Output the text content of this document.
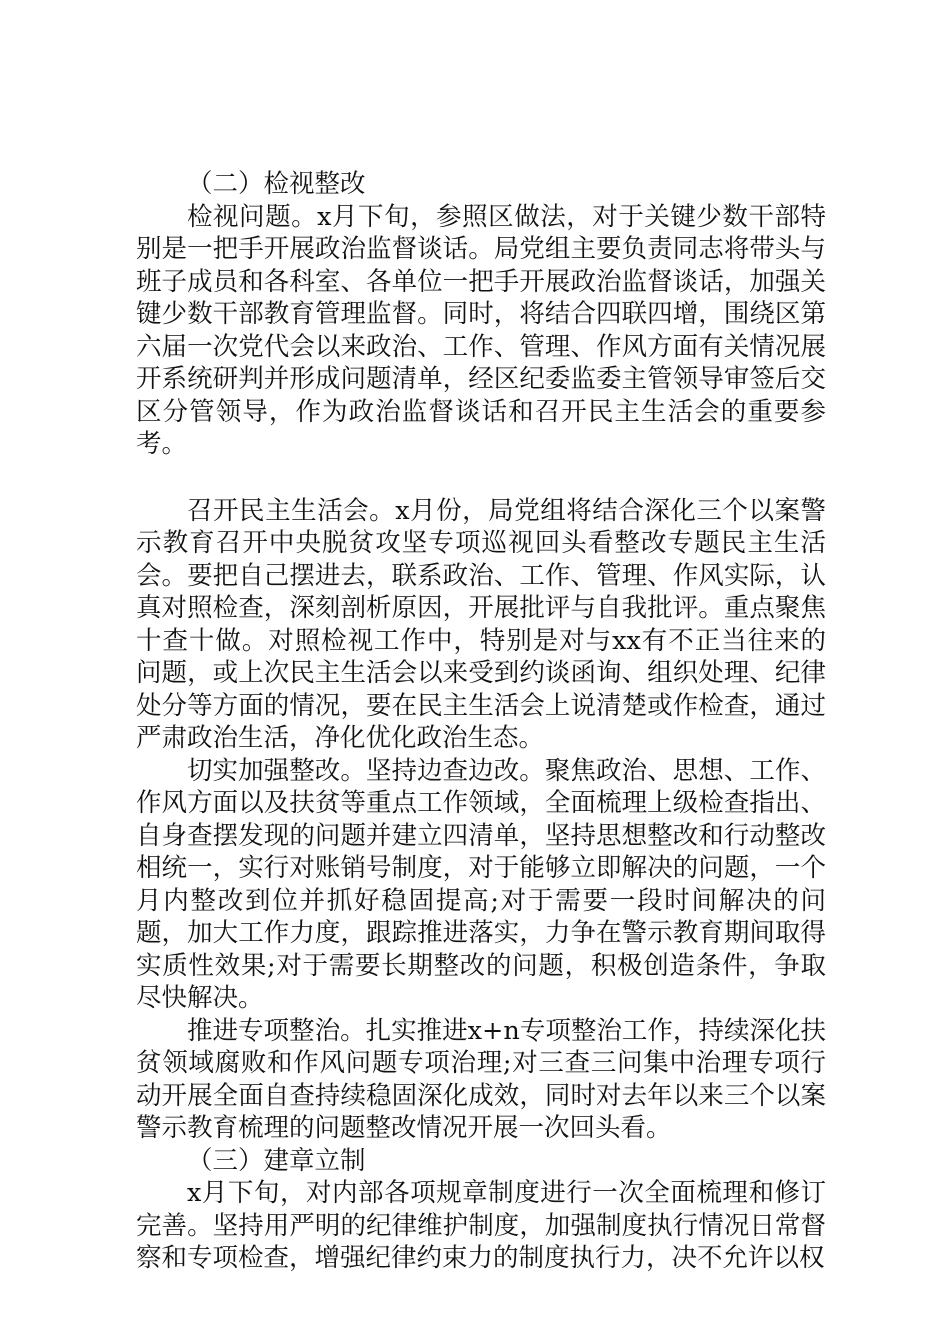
（二）检视整改

检视问题。x月下旬，参照区做法，对于关键少数干部特别是一把手开展政治监督谈话。局党组主要负责同志将带头与班子成员和各科室、各单位一把手开展政治监督谈话，加强关键少数干部教育管理监督。同时，将结合四联四增，围绕区第六届一次党代会以来政治、工作、管理、作风方面有关情况展开系统研判并形成问题清单，经区纪委监委主管领导审签后交区分管领导，作为政治监督谈话和召开民主生活会的重要参考。

召开民主生活会。x月份，局党组将结合深化三个以案警示教育召开中央脱贫攻坚专项巡视回头看整改专题民主生活会。要把自己摆进去，联系政治、工作、管理、作风实际，认真对照检查，深刻剖析原因，开展批评与自我批评。重点聚焦十查十做。对照检视工作中，特别是对与xx有不正当往来的问题，或上次民主生活会以来受到约谈函询、组织处理、纪律处分等方面的情况，要在民主生活会上说清楚或作检查，通过严肃政治生活，净化优化政治生态。

切实加强整改。坚持边查边改。聚焦政治、思想、工作、作风方面以及扶贫等重点工作领域，全面梳理上级检查指出、自身查摆发现的问题并建立四清单，坚持思想整改和行动整改相统一，实行对账销号制度，对于能够立即解决的问题，一个月内整改到位并抓好稳固提高;对于需要一段时间解决的问题，加大工作力度，跟踪推进落实，力争在警示教育期间取得实质性效果;对于需要长期整改的问题，积极创造条件，争取尽快解决。

推进专项整治。扎实推进x+n专项整治工作，持续深化扶贫领域腐败和作风问题专项治理;对三查三问集中治理专项行动开展全面自查持续稳固深化成效，同时对去年以来三个以案警示教育梳理的问题整改情况开展一次回头看。

（三）建章立制

x月下旬，对内部各项规章制度进行一次全面梳理和修订完善。坚持用严明的纪律维护制度，加强制度执行情况日常督察和专项检查，增强纪律约束力的制度执行力，决不允许以权
